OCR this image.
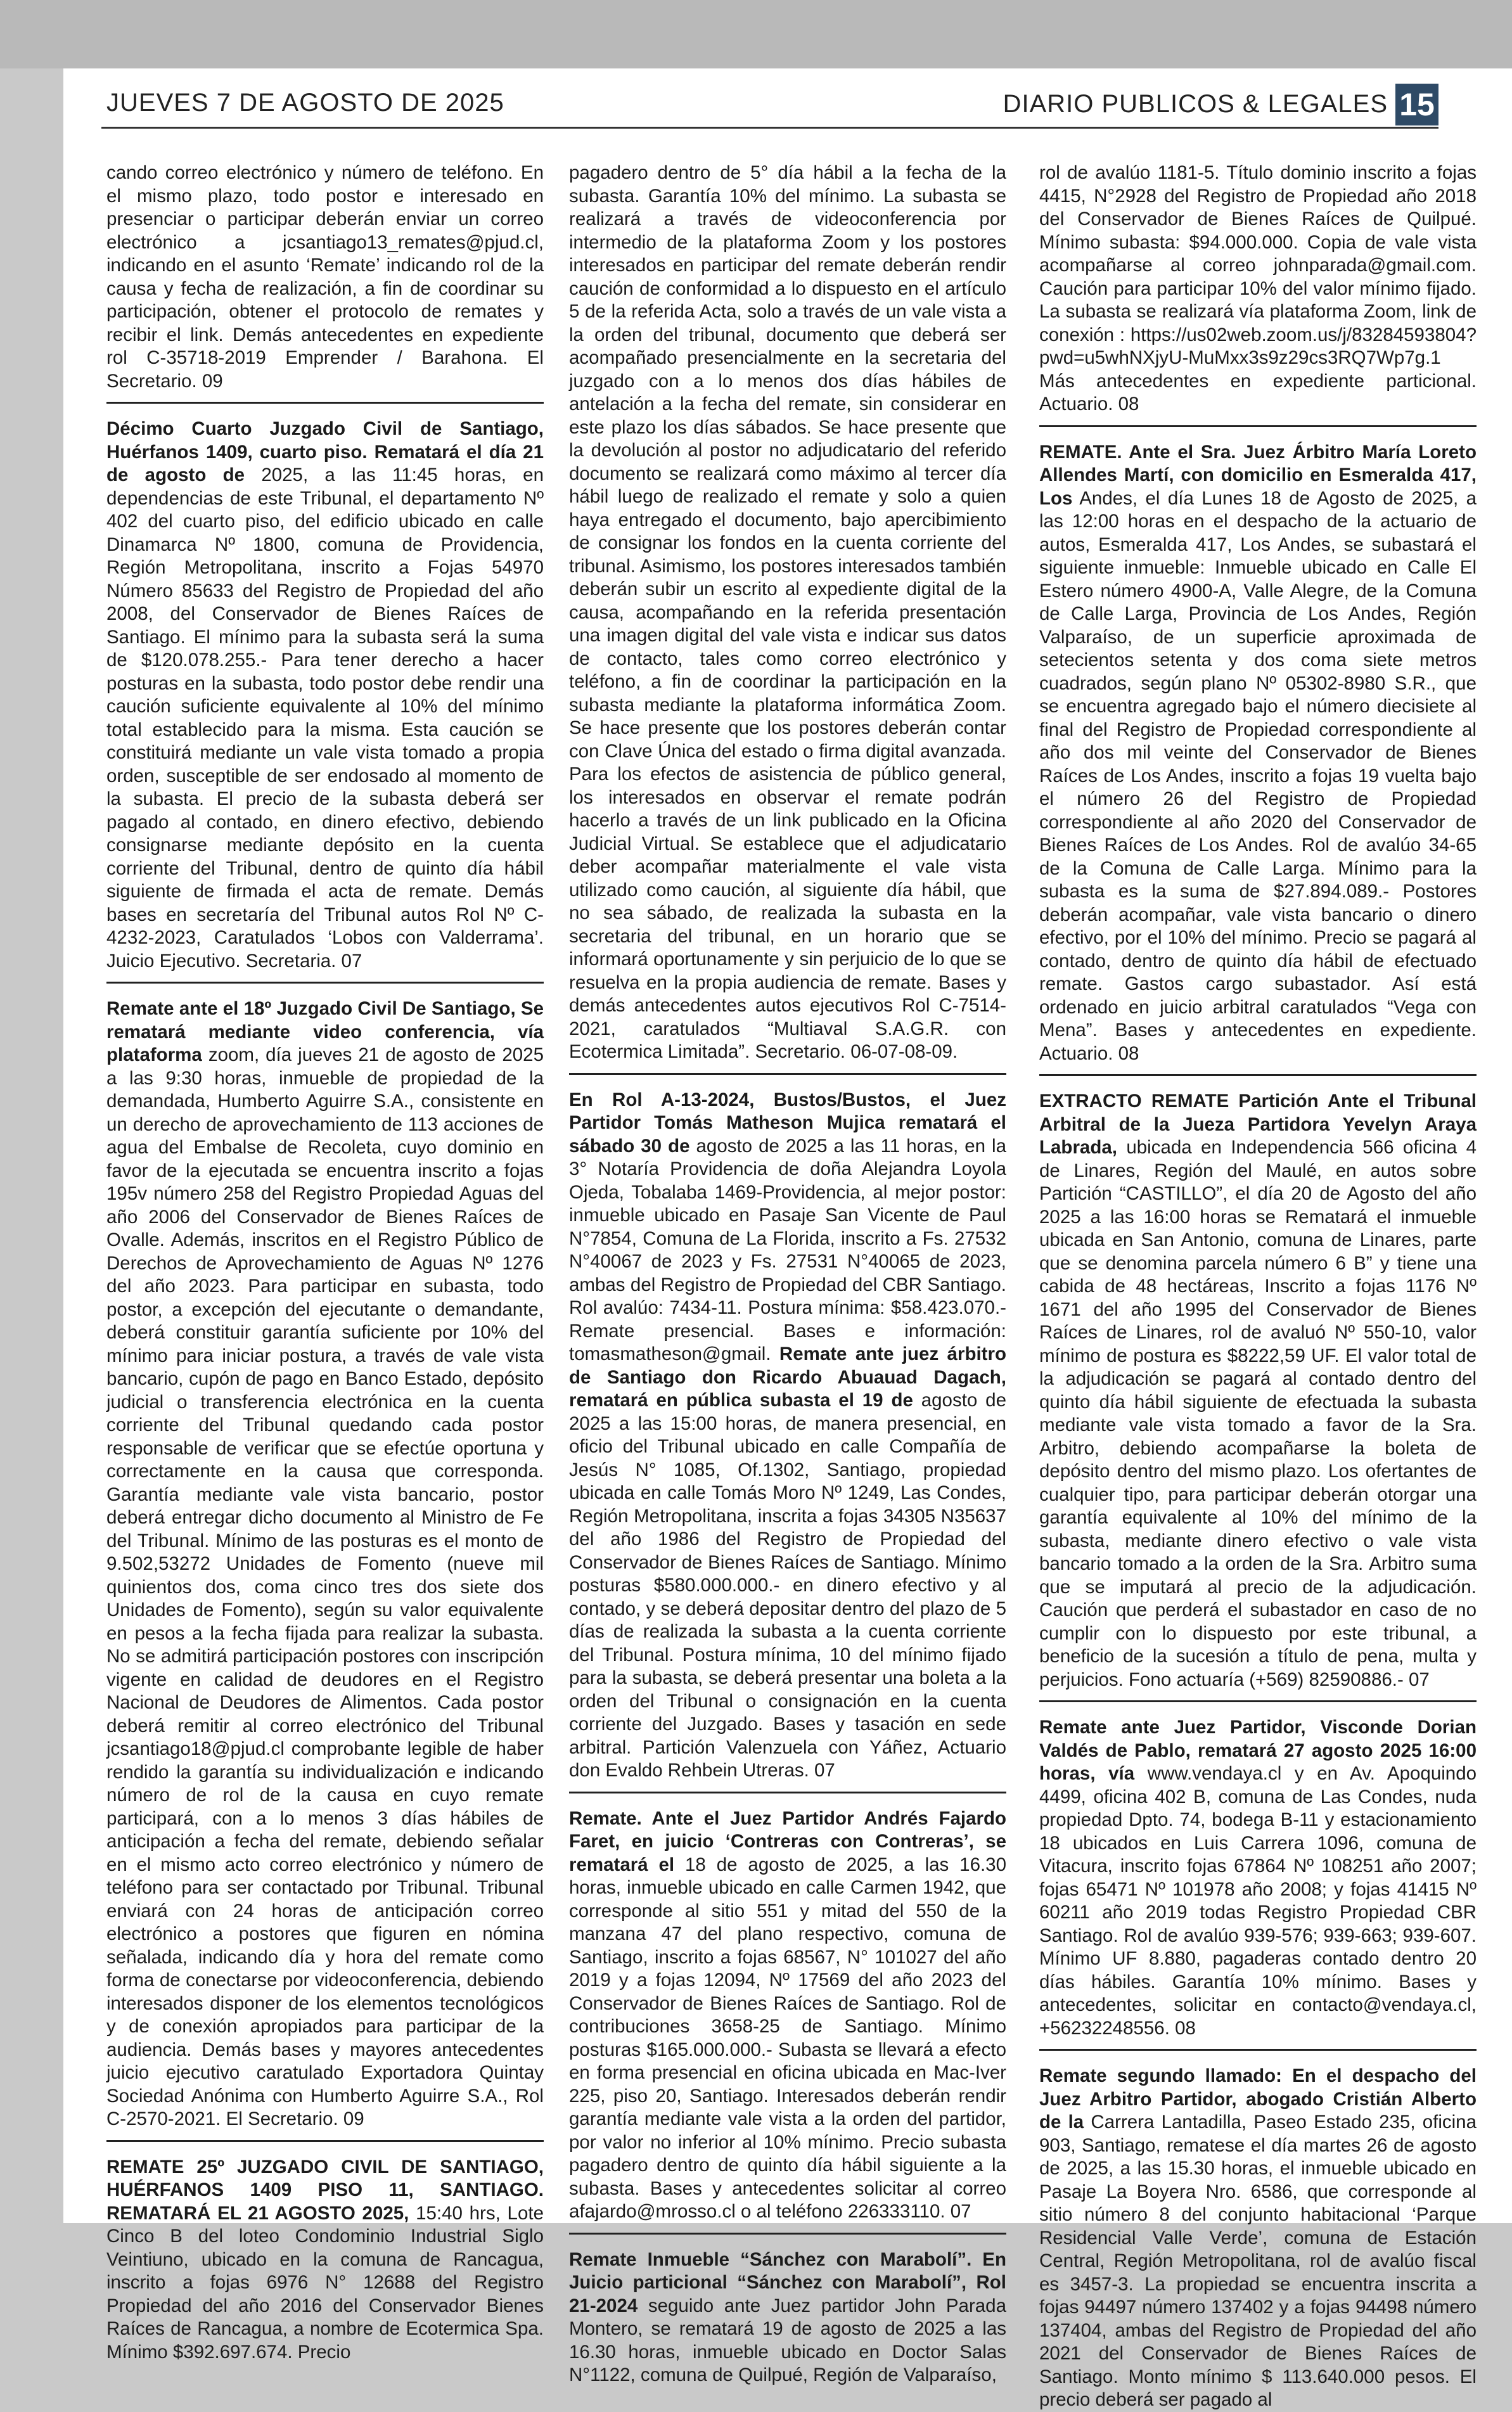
JUEVES 7 DE AGOSTO DE 2025	DIARIO PUBLICOS & LEGALES 15

cando correo electrónico y número de teléfono. En el mismo plazo, todo postor e interesado en presenciar o participar deberán enviar un correo electrónico a jcsantiago13_remates@pjud.cl, indicando en el asunto ‘Remate’ indicando rol de la causa y fecha de realización, a fin de coordinar su participación, obtener el protocolo de remates y recibir el link. Demás antecedentes en expediente rol C-35718-2019 Emprender / Barahona. El Secretario. 09

Décimo Cuarto Juzgado Civil de Santiago, Huérfanos 1409, cuarto piso. Rematará el día 21 de agosto de 2025, a las 11:45 horas, en dependencias de este Tribunal, el departamento Nº 402 del cuarto piso, del edificio ubicado en calle Dinamarca Nº 1800, comuna de Providencia, Región Metropolitana, inscrito a Fojas 54970 Número 85633 del Registro de Propiedad del año 2008, del Conservador de Bienes Raíces de Santiago. El mínimo para la subasta será la suma de $120.078.255.- Para tener derecho a hacer posturas en la subasta, todo postor debe rendir una caución suficiente equivalente al 10% del mínimo total establecido para la misma. Esta caución se constituirá mediante un vale vista tomado a propia orden, susceptible de ser endosado al momento de la subasta. El precio de la subasta deberá ser pagado al contado, en dinero efectivo, debiendo consignarse mediante depósito en la cuenta corriente del Tribunal, dentro de quinto día hábil siguiente de firmada el acta de remate. Demás bases en secretaría del Tribunal autos Rol Nº C-4232-2023, Caratulados ‘Lobos con Valderrama’. Juicio Ejecutivo. Secretaria. 07

Remate ante el 18º Juzgado Civil De Santiago, Se rematará mediante video conferencia, vía plataforma zoom, día jueves 21 de agosto de 2025 a las 9:30 horas, inmueble de propiedad de la demandada, Humberto Aguirre S.A., consistente en un derecho de aprovechamiento de 113 acciones de agua del Embalse de Recoleta, cuyo dominio en favor de la ejecutada se encuentra inscrito a fojas 195v número 258 del Registro Propiedad Aguas del año 2006 del Conservador de Bienes Raíces de Ovalle. Además, inscritos en el Registro Público de Derechos de Aprovechamiento de Aguas Nº 1276 del año 2023. Para participar en subasta, todo postor, a excepción del ejecutante o demandante, deberá constituir garantía suficiente por 10% del mínimo para iniciar postura, a través de vale vista bancario, cupón de pago en Banco Estado, depósito judicial o transferencia electrónica en la cuenta corriente del Tribunal quedando cada postor responsable de verificar que se efectúe oportuna y correctamente en la causa que corresponda. Garantía mediante vale vista bancario, postor deberá entregar dicho documento al Ministro de Fe del Tribunal. Mínimo de las posturas es el monto de 9.502,53272 Unidades de Fomento (nueve mil quinientos dos, coma cinco tres dos siete dos Unidades de Fomento), según su valor equivalente en pesos a la fecha fijada para realizar la subasta. No se admitirá participación postores con inscripción vigente en calidad de deudores en el Registro Nacional de Deudores de Alimentos. Cada postor deberá remitir al correo electrónico del Tribunal jcsantiago18@pjud.cl comprobante legible de haber rendido la garantía su individualización e indicando número de rol de la causa en cuyo remate participará, con a lo menos 3 días hábiles de anticipación a fecha del remate, debiendo señalar en el mismo acto correo electrónico y número de teléfono para ser contactado por Tribunal. Tribunal enviará con 24 horas de anticipación correo electrónico a postores que figuren en nómina señalada, indicando día y hora del remate como forma de conectarse por videoconferencia, debiendo interesados disponer de los elementos tecnológicos y de conexión apropiados para participar de la audiencia. Demás bases y mayores antecedentes juicio ejecutivo caratulado Exportadora Quintay Sociedad Anónima con Humberto Aguirre S.A., Rol C-2570-2021. El Secretario. 09

REMATE 25º JUZGADO CIVIL DE SANTIAGO, HUÉRFANOS 1409 PISO 11, SANTIAGO. REMATARÁ EL 21 AGOSTO 2025, 15:40 hrs, Lote Cinco B del loteo Condominio Industrial Siglo Veintiuno, ubicado en la comuna de Rancagua, inscrito a fojas 6976 N° 12688 del Registro Propiedad del año 2016 del Conservador Bienes Raíces de Rancagua, a nombre de Ecotermica Spa. Mínimo $392.697.674. Precio

pagadero dentro de 5° día hábil a la fecha de la subasta. Garantía 10% del mínimo. La subasta se realizará a través de videoconferencia por intermedio de la plataforma Zoom y los postores interesados en participar del remate deberán rendir caución de conformidad a lo dispuesto en el artículo 5 de la referida Acta, solo a través de un vale vista a la orden del tribunal, documento que deberá ser acompañado presencialmente en la secretaria del juzgado con a lo menos dos días hábiles de antelación a la fecha del remate, sin considerar en este plazo los días sábados. Se hace presente que la devolución al postor no adjudicatario del referido documento se realizará como máximo al tercer día hábil luego de realizado el remate y solo a quien haya entregado el documento, bajo apercibimiento de consignar los fondos en la cuenta corriente del tribunal. Asimismo, los postores interesados también deberán subir un escrito al expediente digital de la causa, acompañando en la referida presentación una imagen digital del vale vista e indicar sus datos de contacto, tales como correo electrónico y teléfono, a fin de coordinar la participación en la subasta mediante la plataforma informática Zoom. Se hace presente que los postores deberán contar con Clave Única del estado o firma digital avanzada. Para los efectos de asistencia de público general, los interesados en observar el remate podrán hacerlo a través de un link publicado en la Oficina Judicial Virtual. Se establece que el adjudicatario deber acompañar materialmente el vale vista utilizado como caución, al siguiente día hábil, que no sea sábado, de realizada la subasta en la secretaria del tribunal, en un horario que se informará oportunamente y sin perjuicio de lo que se resuelva en la propia audiencia de remate. Bases y demás antecedentes autos ejecutivos Rol C-7514-2021, caratulados “Multiaval S.A.G.R. con Ecotermica Limitada”. Secretario. 06-07-08-09.

En Rol A-13-2024, Bustos/Bustos, el Juez Partidor Tomás Matheson Mujica rematará el sábado 30 de agosto de 2025 a las 11 horas, en la 3° Notaría Providencia de doña Alejandra Loyola Ojeda, Tobalaba 1469-Providencia, al mejor postor: inmueble ubicado en Pasaje San Vicente de Paul N°7854, Comuna de La Florida, inscrito a Fs. 27532 N°40067 de 2023 y Fs. 27531 N°40065 de 2023, ambas del Registro de Propiedad del CBR Santiago. Rol avalúo: 7434-11. Postura mínima: $58.423.070.- Remate presencial. Bases e información: tomasmatheson@gmail. Remate ante juez árbitro de Santiago don Ricardo Abuauad Dagach, rematará en pública subasta el 19 de agosto de 2025 a las 15:00 horas, de manera presencial, en oficio del Tribunal ubicado en calle Compañía de Jesús N° 1085, Of.1302, Santiago, propiedad ubicada en calle Tomás Moro Nº 1249, Las Condes, Región Metropolitana, inscrita a fojas 34305 N35637 del año 1986 del Registro de Propiedad del Conservador de Bienes Raíces de Santiago. Mínimo posturas $580.000.000.- en dinero efectivo y al contado, y se deberá depositar dentro del plazo de 5 días de realizada la subasta a la cuenta corriente del Tribunal. Postura mínima, 10 del mínimo fijado para la subasta, se deberá presentar una boleta a la orden del Tribunal o consignación en la cuenta corriente del Juzgado. Bases y tasación en sede arbitral. Partición Valenzuela con Yáñez, Actuario don Evaldo Rehbein Utreras. 07

Remate. Ante el Juez Partidor Andrés Fajardo Faret, en juicio ‘Contreras con Contreras’, se rematará el 18 de agosto de 2025, a las 16.30 horas, inmueble ubicado en calle Carmen 1942, que corresponde al sitio 551 y mitad del 550 de la manzana 47 del plano respectivo, comuna de Santiago, inscrito a fojas 68567, N° 101027 del año 2019 y a fojas 12094, Nº 17569 del año 2023 del Conservador de Bienes Raíces de Santiago. Rol de contribuciones 3658-25 de Santiago. Mínimo posturas $165.000.000.- Subasta se llevará a efecto en forma presencial en oficina ubicada en Mac-Iver 225, piso 20, Santiago. Interesados deberán rendir garantía mediante vale vista a la orden del partidor, por valor no inferior al 10% mínimo. Precio subasta pagadero dentro de quinto día hábil siguiente a la subasta. Bases y antecedentes solicitar al correo afajardo@mrosso.cl o al teléfono 226333110. 07

Remate Inmueble “Sánchez con Marabolí”. En Juicio particional “Sánchez con Marabolí”, Rol 21-2024 seguido ante Juez partidor John Parada Montero, se rematará 19 de agosto de 2025 a las 16.30 horas, inmueble ubicado en Doctor Salas N°1122, comuna de Quilpué, Región de Valparaíso,

rol de avalúo 1181-5. Título dominio inscrito a fojas 4415, N°2928 del Registro de Propiedad año 2018 del Conservador de Bienes Raíces de Quilpué. Mínimo subasta: $94.000.000. Copia de vale vista acompañarse al correo johnparada@gmail.com. Caución para participar 10% del valor mínimo fijado. La subasta se realizará vía plataforma Zoom, link de conexión : https://us02web.zoom.us/j/83284593804?pwd=u5whNXjyU-MuMxx3s9z29cs3RQ7Wp7g.1 Más antecedentes en expediente particional. Actuario. 08

REMATE. Ante el Sra. Juez Árbitro María Loreto Allendes Martí, con domicilio en Esmeralda 417, Los Andes, el día Lunes 18 de Agosto de 2025, a las 12:00 horas en el despacho de la actuario de autos, Esmeralda 417, Los Andes, se subastará el siguiente inmueble: Inmueble ubicado en Calle El Estero número 4900-A, Valle Alegre, de la Comuna de Calle Larga, Provincia de Los Andes, Región Valparaíso, de un superficie aproximada de setecientos setenta y dos coma siete metros cuadrados, según plano Nº 05302-8980 S.R., que se encuentra agregado bajo el número diecisiete al final del Registro de Propiedad correspondiente al año dos mil veinte del Conservador de Bienes Raíces de Los Andes, inscrito a fojas 19 vuelta bajo el número 26 del Registro de Propiedad correspondiente al año 2020 del Conservador de Bienes Raíces de Los Andes. Rol de avalúo 34-65 de la Comuna de Calle Larga. Mínimo para la subasta es la suma de $27.894.089.- Postores deberán acompañar, vale vista bancario o dinero efectivo, por el 10% del mínimo. Precio se pagará al contado, dentro de quinto día hábil de efectuado remate. Gastos cargo subastador. Así está ordenado en juicio arbitral caratulados “Vega con Mena”. Bases y antecedentes en expediente. Actuario. 08

EXTRACTO REMATE Partición Ante el Tribunal Arbitral de la Jueza Partidora Yevelyn Araya Labrada, ubicada en Independencia 566 oficina 4 de Linares, Región del Maulé, en autos sobre Partición “CASTILLO”, el día 20 de Agosto del año 2025 a las 16:00 horas se Rematará el inmueble ubicada en San Antonio, comuna de Linares, parte que se denomina parcela número 6 B” y tiene una cabida de 48 hectáreas, Inscrito a fojas 1176 Nº 1671 del año 1995 del Conservador de Bienes Raíces de Linares, rol de avaluó Nº 550-10, valor mínimo de postura es $8222,59 UF. El valor total de la adjudicación se pagará al contado dentro del quinto día hábil siguiente de efectuada la subasta mediante vale vista tomado a favor de la Sra. Arbitro, debiendo acompañarse la boleta de depósito dentro del mismo plazo. Los ofertantes de cualquier tipo, para participar deberán otorgar una garantía equivalente al 10% del mínimo de la subasta, mediante dinero efectivo o vale vista bancario tomado a la orden de la Sra. Arbitro suma que se imputará al precio de la adjudicación. Caución que perderá el subastador en caso de no cumplir con lo dispuesto por este tribunal, a beneficio de la sucesión a título de pena, multa y perjuicios. Fono actuaría (+569) 82590886.- 07

Remate ante Juez Partidor, Visconde Dorian Valdés de Pablo, rematará 27 agosto 2025 16:00 horas, vía www.vendaya.cl y en Av. Apoquindo 4499, oficina 402 B, comuna de Las Condes, nuda propiedad Dpto. 74, bodega B-11 y estacionamiento 18 ubicados en Luis Carrera 1096, comuna de Vitacura, inscrito fojas 67864 Nº 108251 año 2007; fojas 65471 Nº 101978 año 2008; y fojas 41415 Nº 60211 año 2019 todas Registro Propiedad CBR Santiago. Rol de avalúo 939-576; 939-663; 939-607. Mínimo UF 8.880, pagaderas contado dentro 20 días hábiles. Garantía 10% mínimo. Bases y antecedentes, solicitar en contacto@vendaya.cl, +56232248556. 08

Remate segundo llamado: En el despacho del Juez Arbitro Partidor, abogado Cristián Alberto de la Carrera Lantadilla, Paseo Estado 235, oficina 903, Santiago, rematese el día martes 26 de agosto de 2025, a las 15.30 horas, el inmueble ubicado en Pasaje La Boyera Nro. 6586, que corresponde al sitio número 8 del conjunto habitacional ‘Parque Residencial Valle Verde’, comuna de Estación Central, Región Metropolitana, rol de avalúo fiscal es 3457-3. La propiedad se encuentra inscrita a fojas 94497 número 137402 y a fojas 94498 número 137404, ambas del Registro de Propiedad del año 2021 del Conservador de Bienes Raíces de Santiago. Monto mínimo $ 113.640.000 pesos. El precio deberá ser pagado al
